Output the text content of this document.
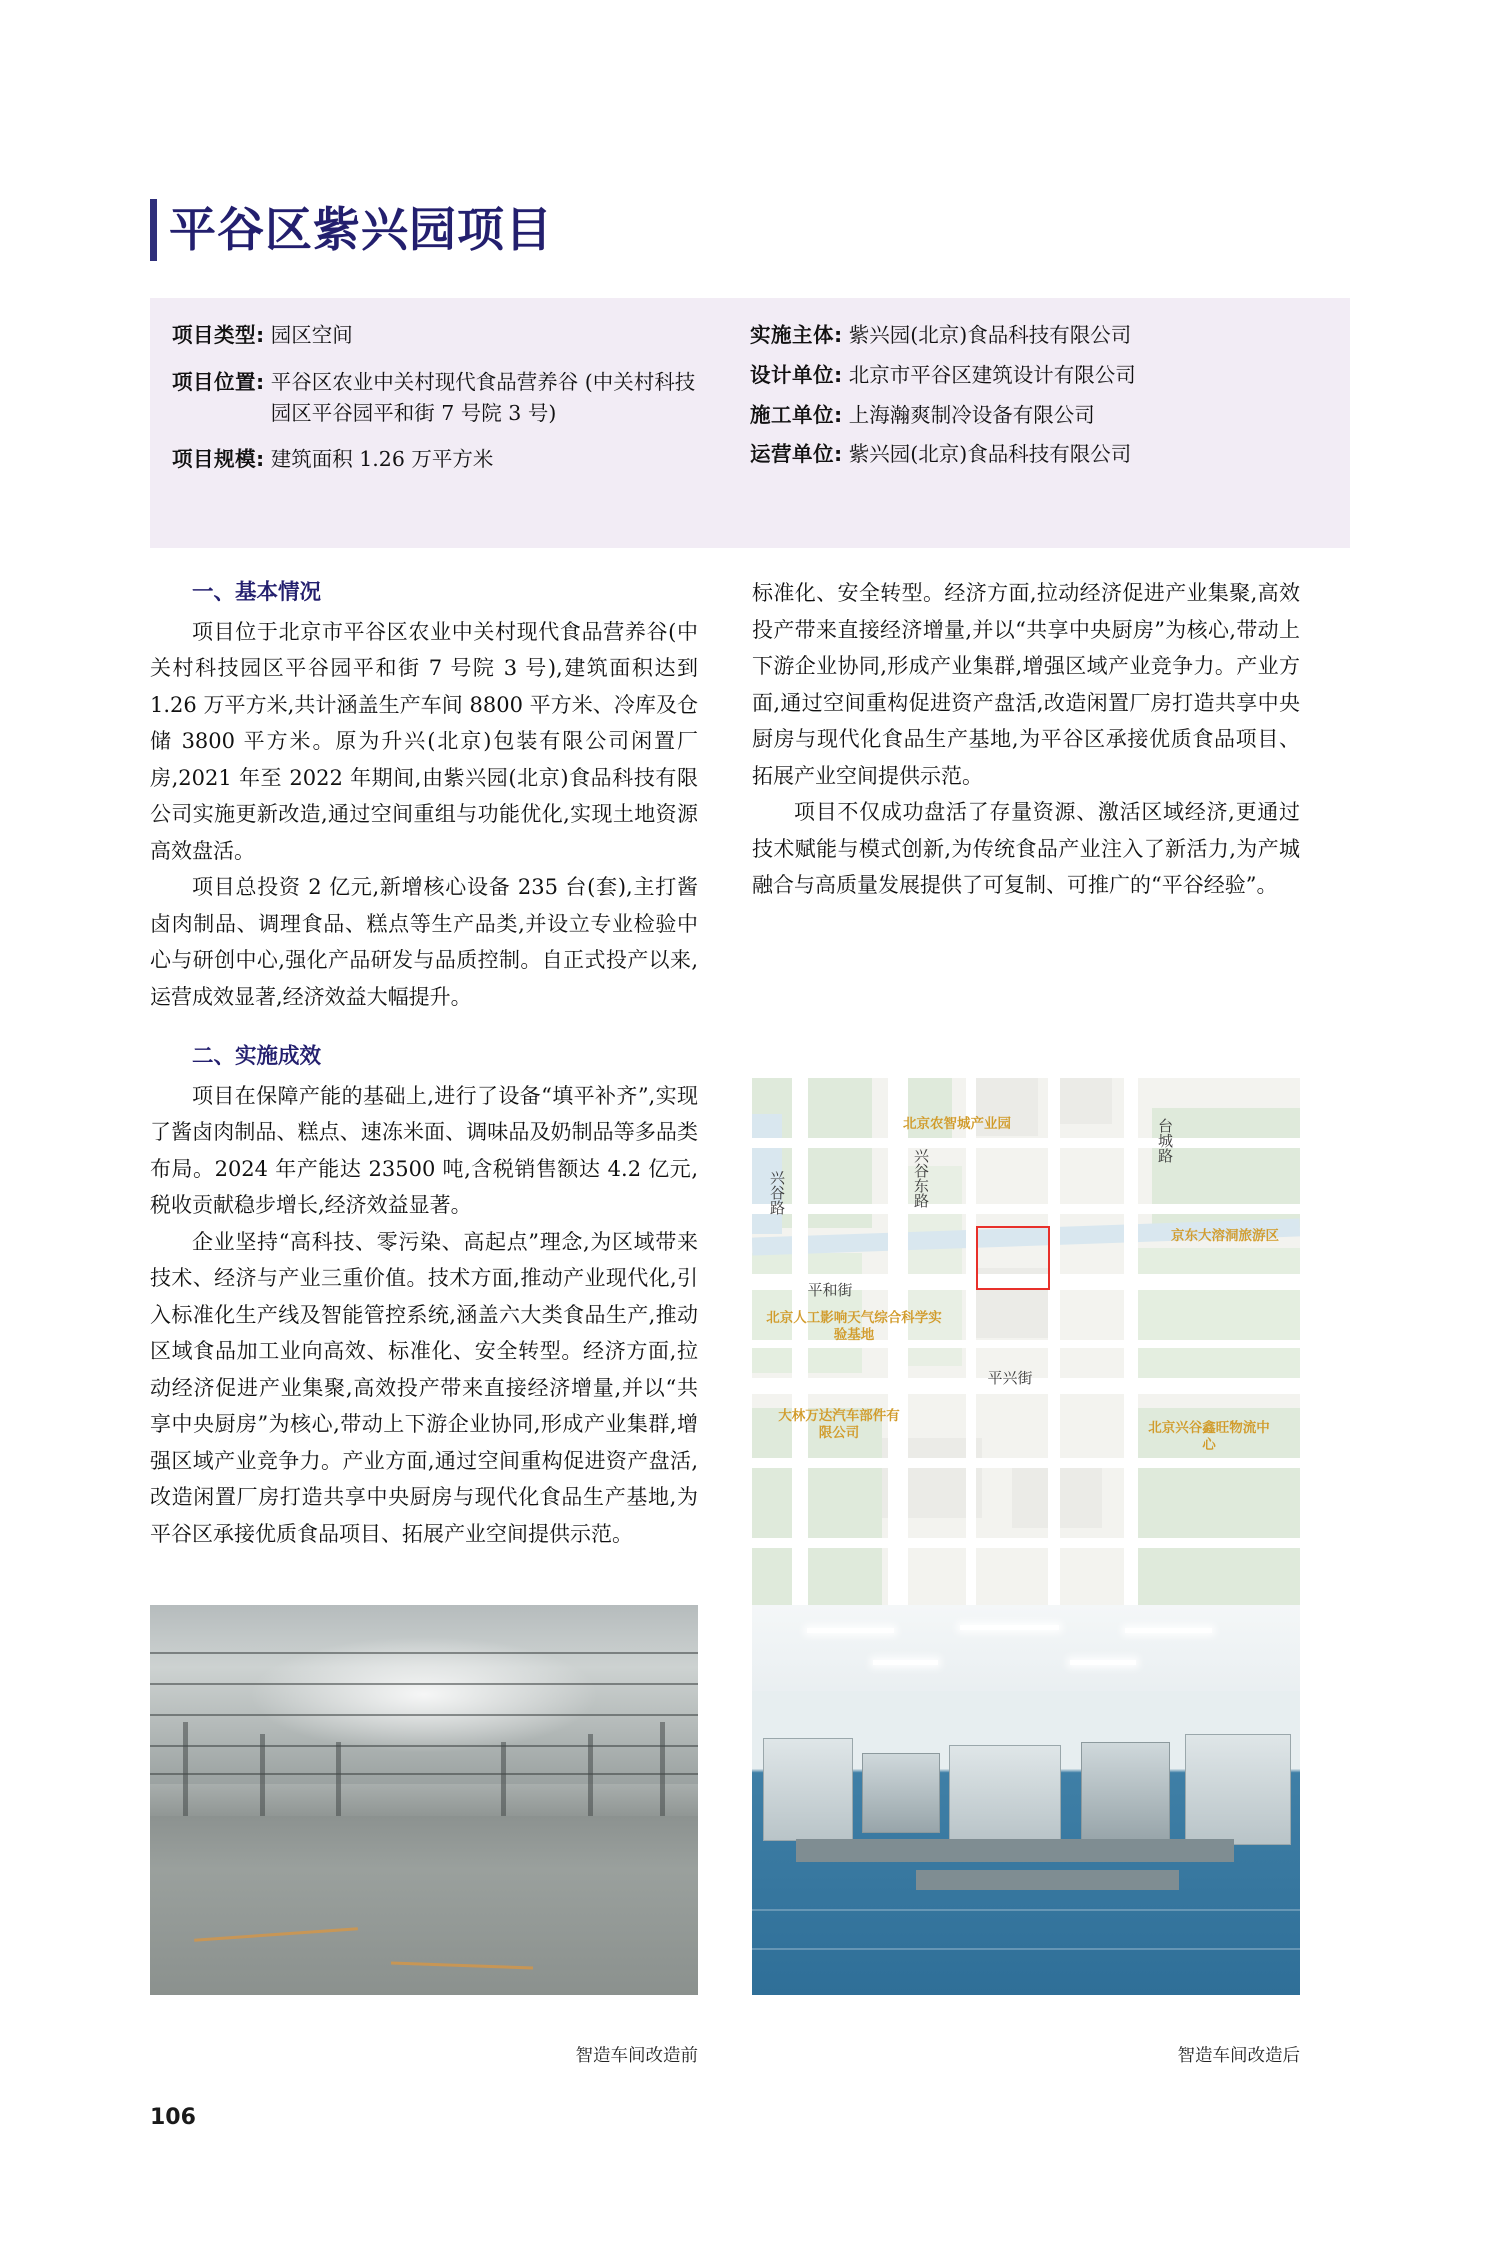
平谷区紫兴园项目
项目类型: 园区空间
项目位置: 平谷区农业中关村现代食品营养谷 (中关村科技园区平谷园平和街 7 号院 3 号)
项目规模: 建筑面积 1.26 万平方米
实施主体: 紫兴园(北京)食品科技有限公司
设计单位: 北京市平谷区建筑设计有限公司
施工单位: 上海瀚爽制冷设备有限公司
运营单位: 紫兴园(北京)食品科技有限公司
一、基本情况

项目位于北京市平谷区农业中关村现代食品营养谷(中关村科技园区平谷园平和街 7 号院 3 号),建筑面积达到 1.26 万平方米,共计涵盖生产车间 8800 平方米、冷库及仓储 3800 平方米。原为升兴(北京)包装有限公司闲置厂房,2021 年至 2022 年期间,由紫兴园(北京)食品科技有限公司实施更新改造,通过空间重组与功能优化,实现土地资源高效盘活。

项目总投资 2 亿元,新增核心设备 235 台(套),主打酱卤肉制品、调理食品、糕点等生产品类,并设立专业检验中心与研创中心,强化产品研发与品质控制。自正式投产以来,运营成效显著,经济效益大幅提升。

二、实施成效

项目在保障产能的基础上,进行了设备“填平补齐”,实现了酱卤肉制品、糕点、速冻米面、调味品及奶制品等多品类布局。2024 年产能达 23500 吨,含税销售额达 4.2 亿元,税收贡献稳步增长,经济效益显著。

企业坚持“高科技、零污染、高起点”理念,为区域带来技术、经济与产业三重价值。技术方面,推动产业现代化,引入标准化生产线及智能管控系统,涵盖六大类食品生产,推动区域食品加工业向高效、标准化、安全转型。经济方面,拉动经济促进产业集聚,高效投产带来直接经济增量,并以“共享中央厨房”为核心,带动上下游企业协同,形成产业集群,增强区域产业竞争力。产业方面,通过空间重构促进资产盘活,改造闲置厂房打造共享中央厨房与现代化食品生产基地,为平谷区承接优质食品项目、拓展产业空间提供示范。

标准化、安全转型。经济方面,拉动经济促进产业集聚,高效投产带来直接经济增量,并以“共享中央厨房”为核心,带动上下游企业协同,形成产业集群,增强区域产业竞争力。产业方面,通过空间重构促进资产盘活,改造闲置厂房打造共享中央厨房与现代化食品生产基地,为平谷区承接优质食品项目、拓展产业空间提供示范。

项目不仅成功盘活了存量资源、激活区域经济,更通过技术赋能与模式创新,为传统食品产业注入了新活力,为产城融合与高质量发展提供了可复制、可推广的“平谷经验”。

北京农智城产业园	台城路
兴谷路	兴谷东路
京东大溶洞旅游区
平和街
北京人工影响天气综合科学实验基地
平兴街
大林万达汽车部件有限公司	北京兴谷鑫旺物流中心
智造车间改造前	智造车间改造后
106
